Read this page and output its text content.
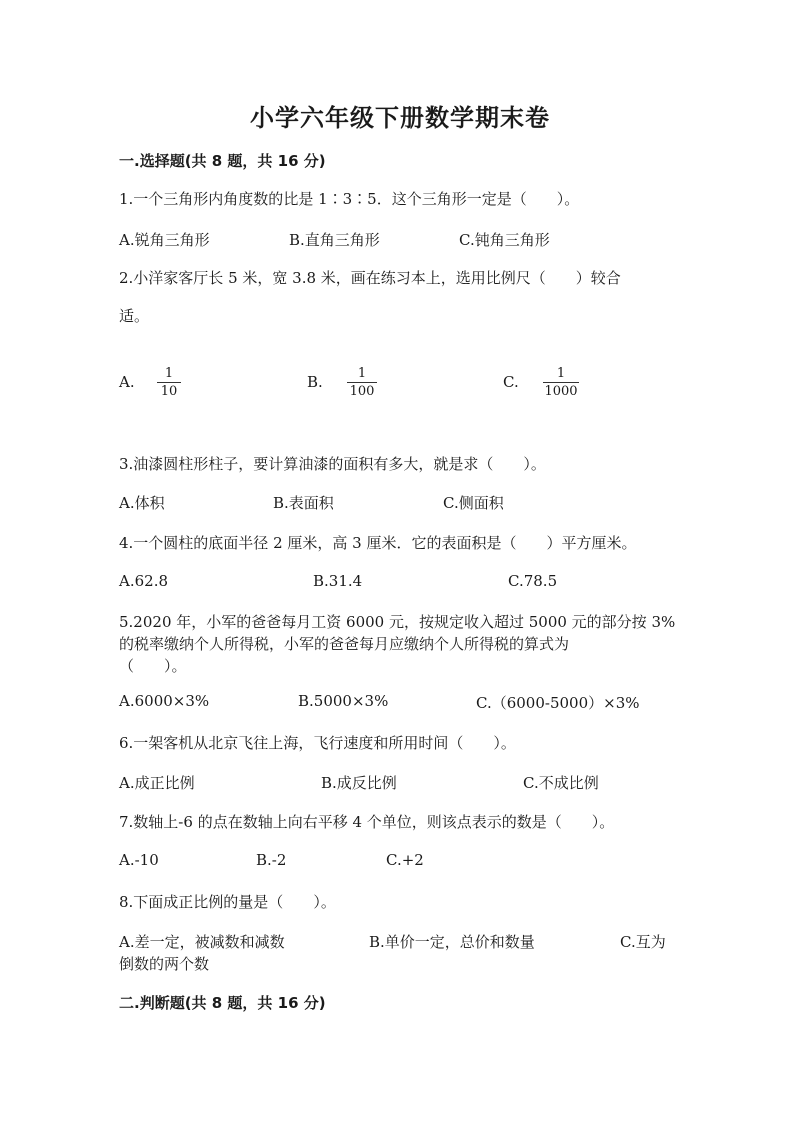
小学六年级下册数学期末卷
一.选择题(共 8 题，共 16 分)
1.一个三角形内角度数的比是 1∶3∶5．这个三角形一定是（　　）。
A.锐角三角形	B.直角三角形	C.钝角三角形
2.小洋家客厅长 5 米，宽 3.8 米，画在练习本上，选用比例尺（　　）较合
适。
A. 1
10
B.	1
100
C.	1
1000
3.油漆圆柱形柱子，要计算油漆的面积有多大，就是求（　　）。
A.体积	B.表面积	C.侧面积
4.一个圆柱的底面半径 2 厘米，高 3 厘米．它的表面积是（　　）平方厘米。
A.62.8	B.31.4	C.78.5
5.2020 年，小军的爸爸每月工资 6000 元，按规定收入超过 5000 元的部分按 3%
的税率缴纳个人所得税，小军的爸爸每月应缴纳个人所得税的算式为
（　　）。
A.6000×3%	B.5000×3%	C.（6000-5000）×3%
6.一架客机从北京飞往上海，飞行速度和所用时间（　　）。
A.成正比例	B.成反比例	C.不成比例
7.数轴上-6 的点在数轴上向右平移 4 个单位，则该点表示的数是（　　）。
A.-10	B.-2	C.+2
8.下面成正比例的量是（　　）。
A.差一定，被减数和减数	B.单价一定，总价和数量	C.互为
倒数的两个数
二.判断题(共 8 题，共 16 分)
